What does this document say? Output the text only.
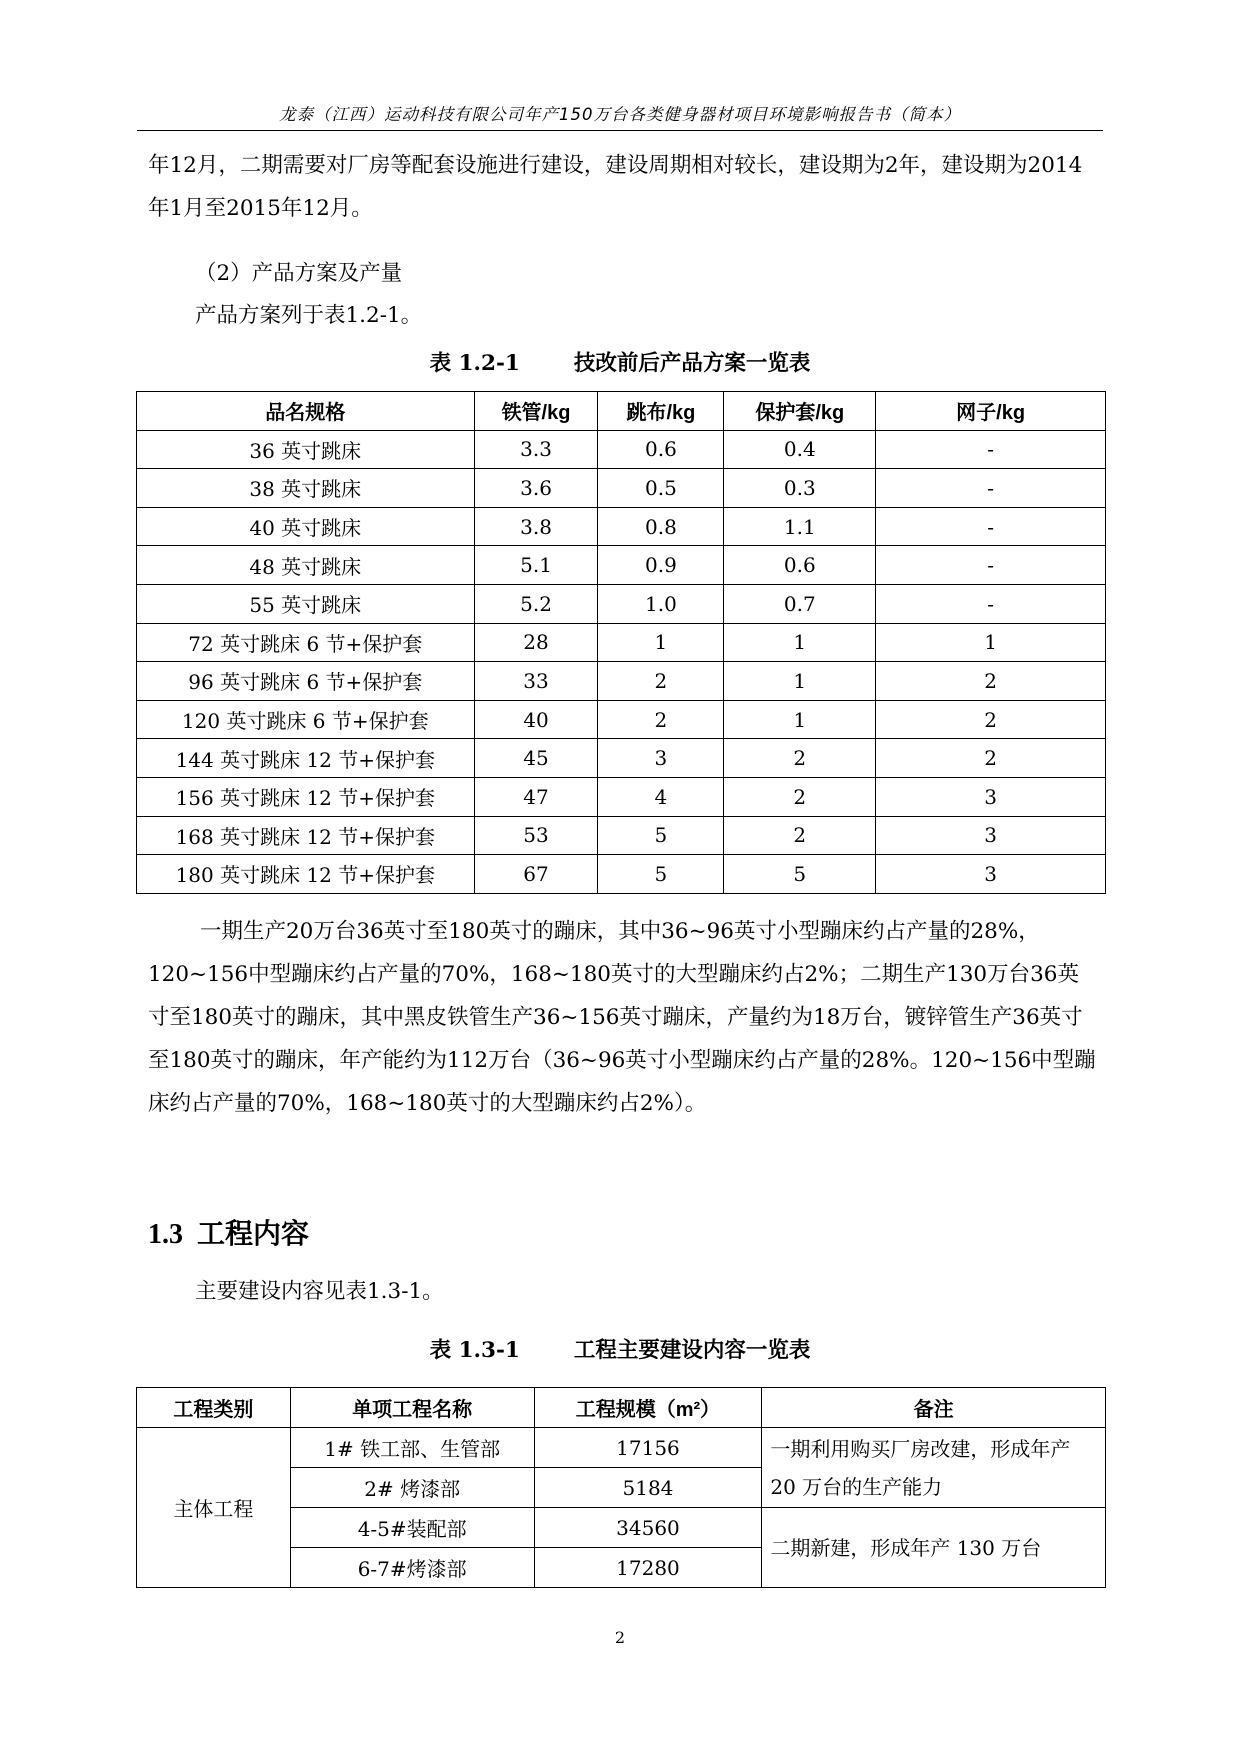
龙泰（江西）运动科技有限公司年产150万台各类健身器材项目环境影响报告书（简本）
年12月，二期需要对厂房等配套设施进行建设，建设周期相对较长，建设期为2年，建设期为2014年1月至2015年12月。
（2）产品方案及产量
产品方案列于表1.2-1。
表 1.2-1	技改前后产品方案一览表
品名规格	铁管/kg	跳布/kg	保护套/kg	网子/kg
36 英寸跳床	3.3	0.6	0.4	-
38 英寸跳床	3.6	0.5	0.3	-
40 英寸跳床	3.8	0.8	1.1	-
48 英寸跳床	5.1	0.9	0.6	-
55 英寸跳床	5.2	1.0	0.7	-
72 英寸跳床 6 节+保护套	28	1	1	1
96 英寸跳床 6 节+保护套	33	2	1	2
120 英寸跳床 6 节+保护套	40	2	1	2
144 英寸跳床 12 节+保护套	45	3	2	2
156 英寸跳床 12 节+保护套	47	4	2	3
168 英寸跳床 12 节+保护套	53	5	2	3
180 英寸跳床 12 节+保护套	67	5	5	3
一期生产20万台36英寸至180英寸的蹦床，其中36~96英寸小型蹦床约占产量的28%，120~156中型蹦床约占产量的70%，168~180英寸的大型蹦床约占2%；二期生产130万台36英寸至180英寸的蹦床，其中黑皮铁管生产36~156英寸蹦床，产量约为18万台，镀锌管生产36英寸至180英寸的蹦床，年产能约为112万台（36~96英寸小型蹦床约占产量的28%。120~156中型蹦床约占产量的70%，168~180英寸的大型蹦床约占2%）。
1.3 工程内容
主要建设内容见表1.3-1。
表 1.3-1	工程主要建设内容一览表
工程类别	单项工程名称	工程规模（m²）	备注
主体工程	1# 铁工部、生管部	17156	一期利用购买厂房改建，形成年产 20 万台的生产能力
	2# 烤漆部	5184	
	4-5#装配部	34560	二期新建，形成年产 130 万台
	6-7#烤漆部	17280	
2
